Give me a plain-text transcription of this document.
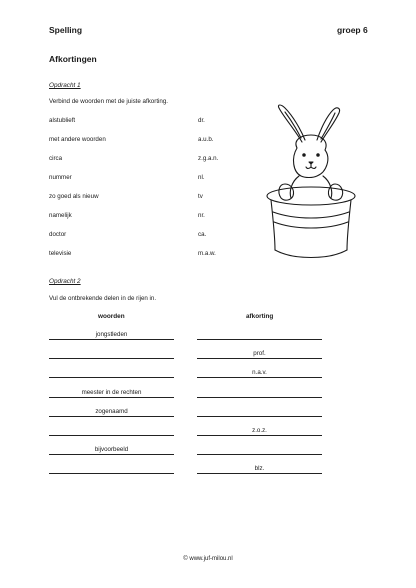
Spelling	groep 6
Afkortingen
Opdracht 1
Verbind de woorden met de juiste afkorting.
alstublieft
met andere woorden
circa
nummer
zo goed als nieuw
namelijk
doctor
televisie
dr.
a.u.b.
z.g.a.n.
nl.
tv
nr.
ca.
m.a.w.
Opdracht 2
Vul de ontbrekende delen in de rijen in.
woorden	afkorting
jongstleden
prof.
n.a.v.
meester in de rechten
zogenaamd
z.o.z.
bijvoorbeeld
blz.
© www.juf-milou.nl
